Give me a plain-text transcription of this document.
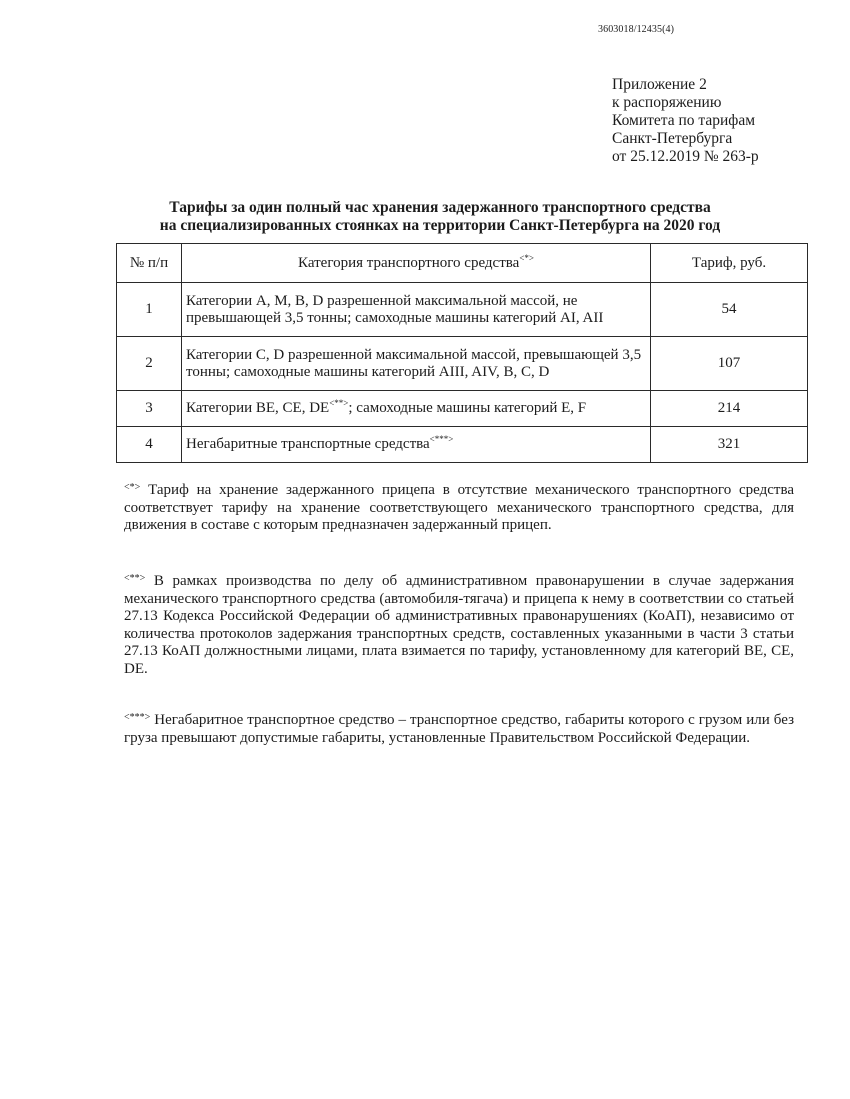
3603018/12435(4)
Приложение 2
к распоряжению
Комитета по тарифам
Санкт-Петербурга
от 25.12.2019 № 263-р
Тарифы за один полный час хранения задержанного транспортного средства
на специализированных стоянках на территории Санкт-Петербурга на 2020 год
№ п/п	Категория транспортного средства<*>	Тариф, руб.
1	Категории А, М, В, D разрешенной максимальной массой, не превышающей 3,5 тонны; самоходные машины категорий AI, AII	54
2	Категории С, D разрешенной максимальной массой, превышающей 3,5 тонны; самоходные машины категорий AIII, AIV, В, С, D	107
3	Категории BE, СЕ, DE<**>; самоходные машины категорий Е, F	214
4	Негабаритные транспортные средства<***>	321
<*> Тариф на хранение задержанного прицепа в отсутствие механического транспортного средства соответствует тарифу на хранение соответствующего механического транспортного средства, для движения в составе с которым предназначен задержанный прицеп.
<**> В рамках производства по делу об административном правонарушении в случае задержания механического транспортного средства (автомобиля-тягача) и прицепа к нему в соответствии со статьей 27.13 Кодекса Российской Федерации об административных правонарушениях (КоАП), независимо от количества протоколов задержания транспортных средств, составленных указанными в части 3 статьи 27.13 КоАП должностными лицами, плата взимается по тарифу, установленному для категорий BE, СЕ, DE.
<***> Негабаритное транспортное средство – транспортное средство, габариты которого с грузом или без груза превышают допустимые габариты, установленные Правительством Российской Федерации.
